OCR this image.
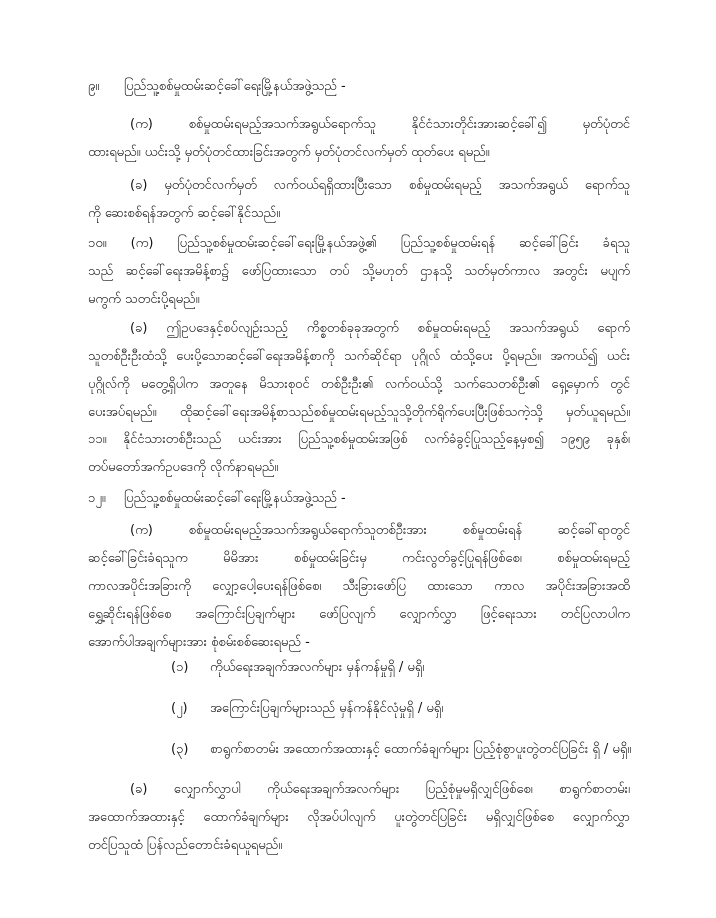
၉။ ပြည်သူ့စစ်မှုထမ်းဆင့်ခေါ်ရေးမြို့နယ်အဖွဲ့သည် -
(က) စစ်မှုထမ်းရမည့်အသက်အရွယ်ရောက်သူ နိုင်ငံသားတိုင်းအားဆင့်ခေါ်၍ မှတ်ပုံတင်
ထားရမည်။ ယင်းသို့ မှတ်ပုံတင်ထားခြင်းအတွက် မှတ်ပုံတင်လက်မှတ် ထုတ်ပေး ရမည်။
(ခ) မှတ်ပုံတင်လက်မှတ် လက်ဝယ်ရရှိထားပြီးသော စစ်မှုထမ်းရမည့် အသက်အရွယ် ရောက်သူ
ကို ဆေးစစ်ရန်အတွက် ဆင့်ခေါ်နိုင်သည်။
၁၀။ (က) ပြည်သူ့စစ်မှုထမ်းဆင့်ခေါ်ရေးမြို့နယ်အဖွဲ့၏ ပြည်သူ့စစ်မှုထမ်းရန် ဆင့်ခေါ်ခြင်း ခံရသူ
သည် ဆင့်ခေါ်ရေးအမိန့်စာ၌ ဖော်ပြထားသော တပ် သို့မဟုတ် ဌာနသို့ သတ်မှတ်ကာလ အတွင်း မပျက်
မကွက် သတင်းပို့ရမည်။
(ခ) ဤဥပဒေနှင့်စပ်လျဉ်းသည့် ကိစ္စတစ်ခုခုအတွက် စစ်မှုထမ်းရမည့် အသက်အရွယ် ရောက်
သူတစ်ဦးဦးထံသို့ ပေးပို့သောဆင့်ခေါ်ရေးအမိန့်စာကို သက်ဆိုင်ရာ ပုဂ္ဂိုလ် ထံသို့ပေး ပို့ရမည်။ အကယ်၍ ယင်း
ပုဂ္ဂိုလ်ကို မတွေ့ရှိပါက အတူနေ မိသားစုဝင် တစ်ဦးဦး၏ လက်ဝယ်သို့ သက်သေတစ်ဦး၏ ရှေ့မှောက် တွင်
ပေးအပ်ရမည်။ ထိုဆင့်ခေါ်ရေးအမိန့်စာသည်စစ်မှုထမ်းရမည့်သူသို့တိုက်ရိုက်ပေးပြီးဖြစ်သကဲ့သို့ မှတ်ယူရမည်။
၁၁။ နိုင်ငံသားတစ်ဦးသည် ယင်းအား ပြည်သူ့စစ်မှုထမ်းအဖြစ် လက်ခံခွင့်ပြုသည့်နေ့မှစ၍ ၁၉၅၉ ခုနှစ်၊
တပ်မတော်အက်ဥပဒေကို လိုက်နာရမည်။
၁၂။ ပြည်သူ့စစ်မှုထမ်းဆင့်ခေါ်ရေးမြို့နယ်အဖွဲ့သည် -
(က) စစ်မှုထမ်းရမည့်အသက်အရွယ်ရောက်သူတစ်ဦးအား စစ်မှုထမ်းရန် ဆင့်ခေါ်ရာတွင်
ဆင့်ခေါ်ခြင်းခံရသူက မိမိအား စစ်မှုထမ်းခြင်းမှ ကင်းလွတ်ခွင့်ပြုရန်ဖြစ်စေ၊ စစ်မှုထမ်းရမည့်
ကာလအပိုင်းအခြားကို လျှော့ပေါ့ပေးရန်ဖြစ်စေ၊ သီးခြားဖော်ပြ ထားသော ကာလ အပိုင်းအခြားအထိ
ရွှေ့ဆိုင်းရန်ဖြစ်စေ အကြောင်းပြချက်များ ဖော်ပြလျက် လျှောက်လွှာ ဖြင့်ရေးသား တင်ပြလာပါက
အောက်ပါအချက်များအား စုံစမ်းစစ်ဆေးရမည် -
(၁) ကိုယ်ရေးအချက်အလက်များ မှန်ကန်မှုရှိ / မရှိ၊
(၂) အကြောင်းပြချက်များသည် မှန်ကန်နိုင်လုံမှုရှိ / မရှိ၊
(၃) စာရွက်စာတမ်း အထောက်အထားနှင့် ထောက်ခံချက်များ ပြည့်စုံစွာပူးတွဲတင်ပြခြင်း ရှိ / မရှိ။
(ခ) လျှောက်လွှာပါ ကိုယ်ရေးအချက်အလက်များ ပြည့်စုံမှုမရှိလျှင်ဖြစ်စေ၊ စာရွက်စာတမ်း၊
အထောက်အထားနှင့် ထောက်ခံချက်များ လိုအပ်ပါလျက် ပူးတွဲတင်ပြခြင်း မရှိလျှင်ဖြစ်စေ လျှောက်လွှာ
တင်ပြသူထံ ပြန်လည်တောင်းခံရယူရမည်။
